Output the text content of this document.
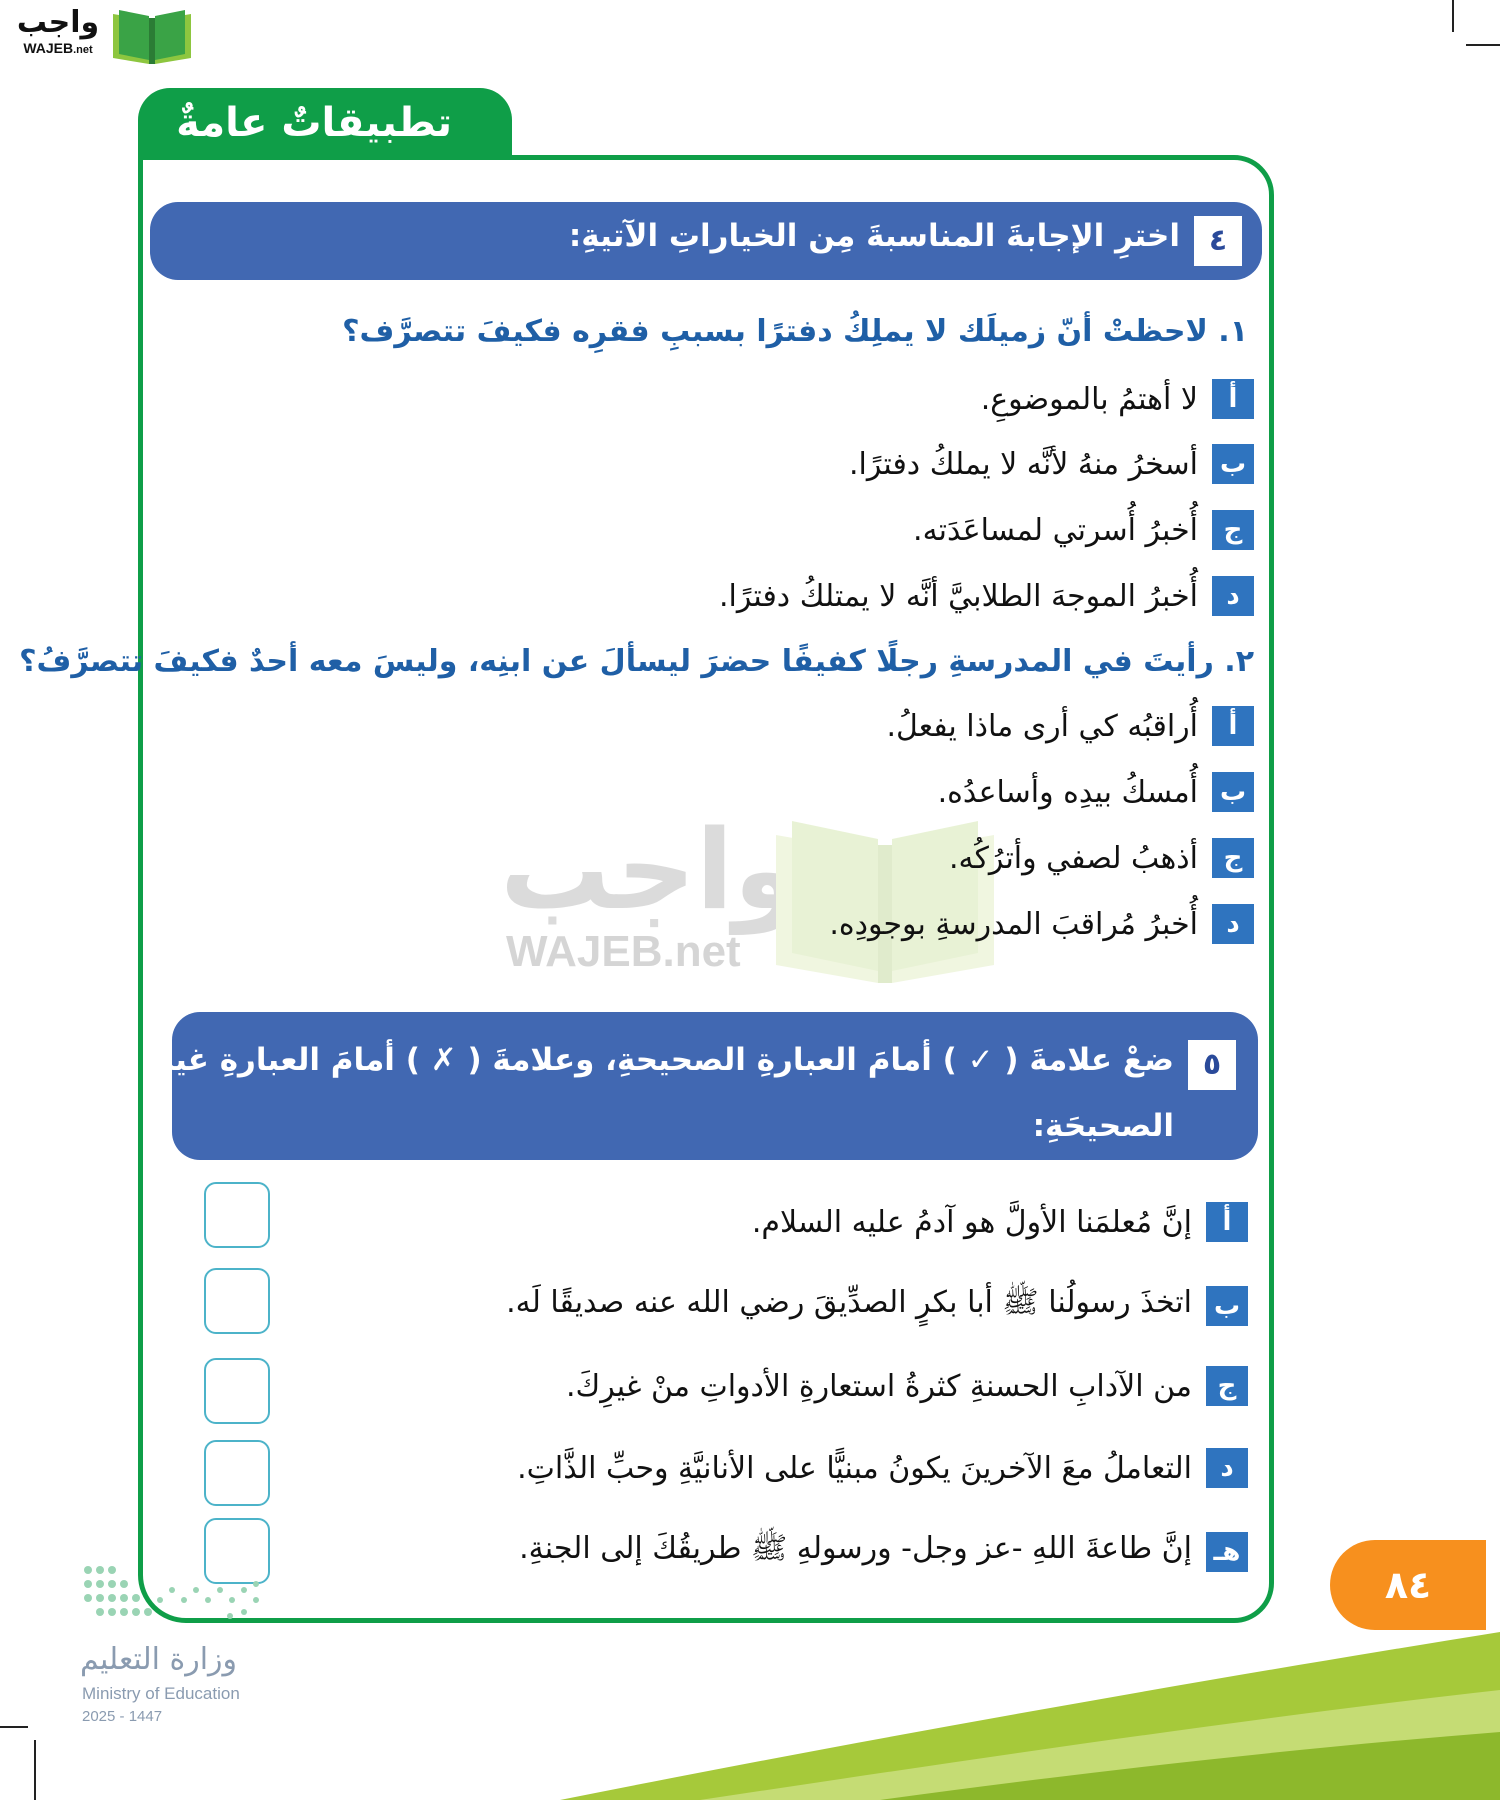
واجب
WAJEB.net
تطبيقاتٌ عامةٌ
واجب
WAJEB.net
٤
اخترِ الإجابةَ المناسبةَ مِن الخياراتِ الآتيةِ:
١. لاحظتْ أنّ زميلَك لا يملِكُ دفترًا بسببِ فقرِه فكيفَ تتصرَّف؟
أ
لا أهتمُ بالموضوعِ.
ب
أسخرُ منهُ لأنَّه لا يملكُ دفترًا.
ج
أُخبرُ أُسرتي لمساعَدَته.
د
أُخبرُ الموجهَ الطلابيَّ أنَّه لا يمتلكُ دفترًا.
٢. رأيتَ في المدرسةِ رجلًا كفيفًا حضرَ ليسألَ عن ابنِه، وليسَ معه أحدٌ فكيفَ تتصرَّفُ؟
أ
أُراقبُه كي أرى ماذا يفعلُ.
ب
أُمسكُ بيدِه وأساعدُه.
ج
أذهبُ لصفي وأترُكُه.
د
أُخبرُ مُراقبَ المدرسةِ بوجودِه.
٥
ضعْ علامةَ ( ✓ ) أمامَ العبارةِ الصحيحةِ، وعلامةَ ( ✗ ) أمامَ العبارةِ غيرِ
الصحيحَةِ:
أ
إنَّ مُعلمَنا الأولَّ هو آدمُ عليه السلام.
ب
اتخذَ رسولُنا ﷺ أبا بكرٍ الصدِّيقَ رضي الله عنه صديقًا لَه.
ج
من الآدابِ الحسنةِ كثرةُ استعارةِ الأدواتِ منْ غيرِكَ.
د
التعاملُ معَ الآخرينَ يكونُ مبنيًّا على الأنانيَّةِ وحبِّ الذَّاتِ.
هـ
إنَّ طاعةَ اللهِ -عز وجل- ورسولهِ ﷺ طريقُكَ إلى الجنةِ.
٨٤
وزارة التعليم
Ministry of Education
2025 - 1447
